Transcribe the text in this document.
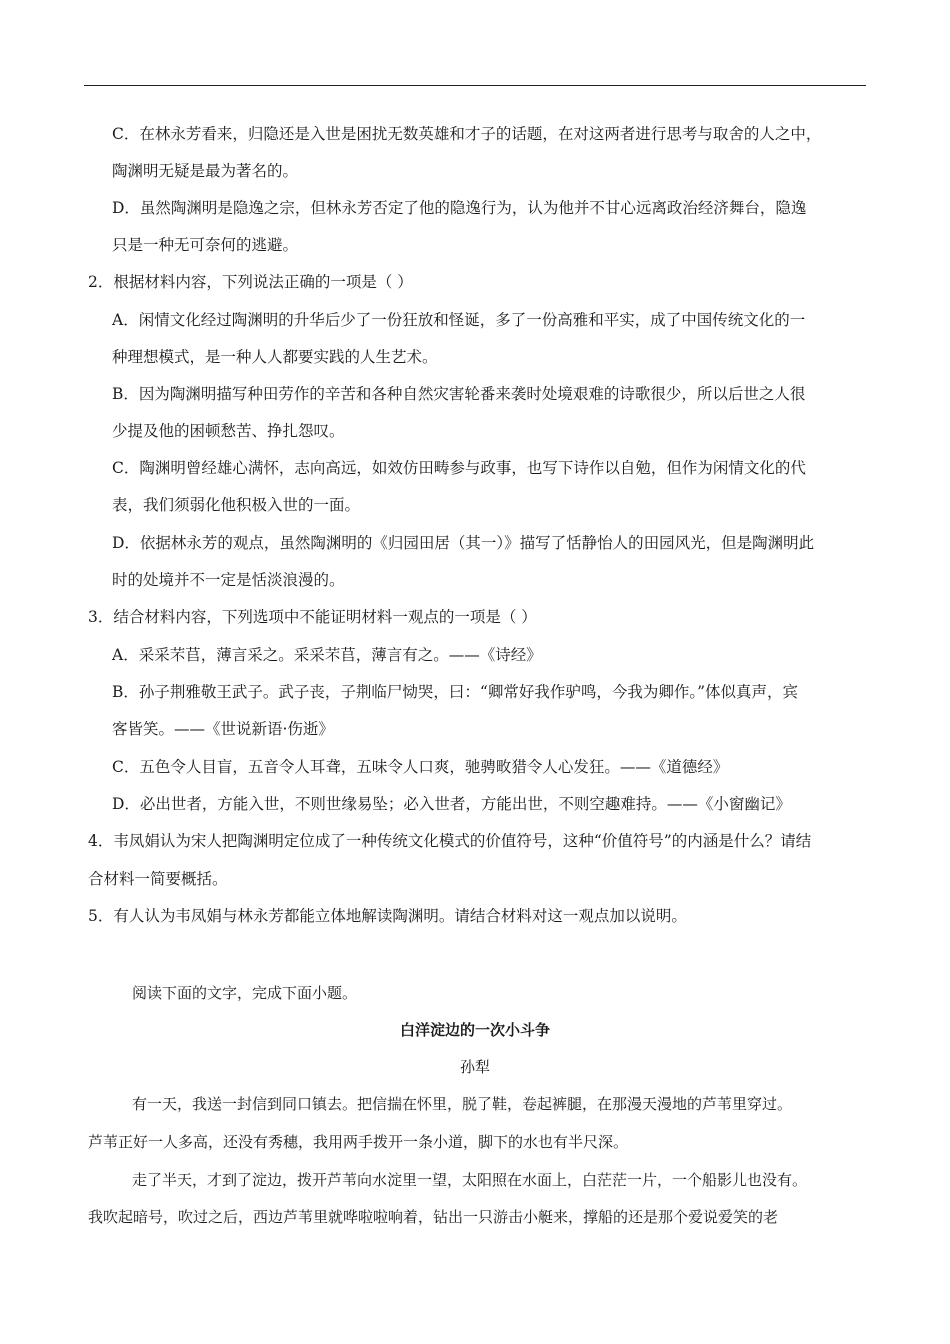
C．在林永芳看来，归隐还是入世是困扰无数英雄和才子的话题，在对这两者进行思考与取舍的人之中，
陶渊明无疑是最为著名的。
D．虽然陶渊明是隐逸之宗，但林永芳否定了他的隐逸行为，认为他并不甘心远离政治经济舞台，隐逸
只是一种无可奈何的逃避。
2．根据材料内容，下列说法正确的一项是（ ）
A．闲情文化经过陶渊明的升华后少了一份狂放和怪诞，多了一份高雅和平实，成了中国传统文化的一
种理想模式，是一种人人都要实践的人生艺术。
B．因为陶渊明描写种田劳作的辛苦和各种自然灾害轮番来袭时处境艰难的诗歌很少，所以后世之人很
少提及他的困顿愁苦、挣扎怨叹。
C．陶渊明曾经雄心满怀，志向高远，如效仿田畴参与政事，也写下诗作以自勉，但作为闲情文化的代
表，我们须弱化他积极入世的一面。
D．依据林永芳的观点，虽然陶渊明的《归园田居（其一）》描写了恬静怡人的田园风光，但是陶渊明此
时的处境并不一定是恬淡浪漫的。
3．结合材料内容，下列选项中不能证明材料一观点的一项是（ ）
A．采采芣苢，薄言采之。采采芣苢，薄言有之。——《诗经》
B．孙子荆雅敬王武子。武子丧，子荆临尸恸哭，曰：“卿常好我作驴鸣，今我为卿作。”体似真声，宾
客皆笑。——《世说新语·伤逝》
C．五色令人目盲，五音令人耳聋，五味令人口爽，驰骋畋猎令人心发狂。——《道德经》
D．必出世者，方能入世，不则世缘易坠；必入世者，方能出世，不则空趣难持。——《小窗幽记》
4．韦凤娟认为宋人把陶渊明定位成了一种传统文化模式的价值符号，这种“价值符号”的内涵是什么？请结
合材料一简要概括。
5．有人认为韦凤娟与林永芳都能立体地解读陶渊明。请结合材料对这一观点加以说明。
阅读下面的文字，完成下面小题。
白洋淀边的一次小斗争
孙犁
有一天，我送一封信到同口镇去。把信揣在怀里，脱了鞋，卷起裤腿，在那漫天漫地的芦苇里穿过。
芦苇正好一人多高，还没有秀穗，我用两手拨开一条小道，脚下的水也有半尺深。
走了半天，才到了淀边，拨开芦苇向水淀里一望，太阳照在水面上，白茫茫一片，一个船影儿也没有。
我吹起暗号，吹过之后，西边芦苇里就哗啦啦响着，钻出一只游击小艇来，撑船的还是那个爱说爱笑的老
